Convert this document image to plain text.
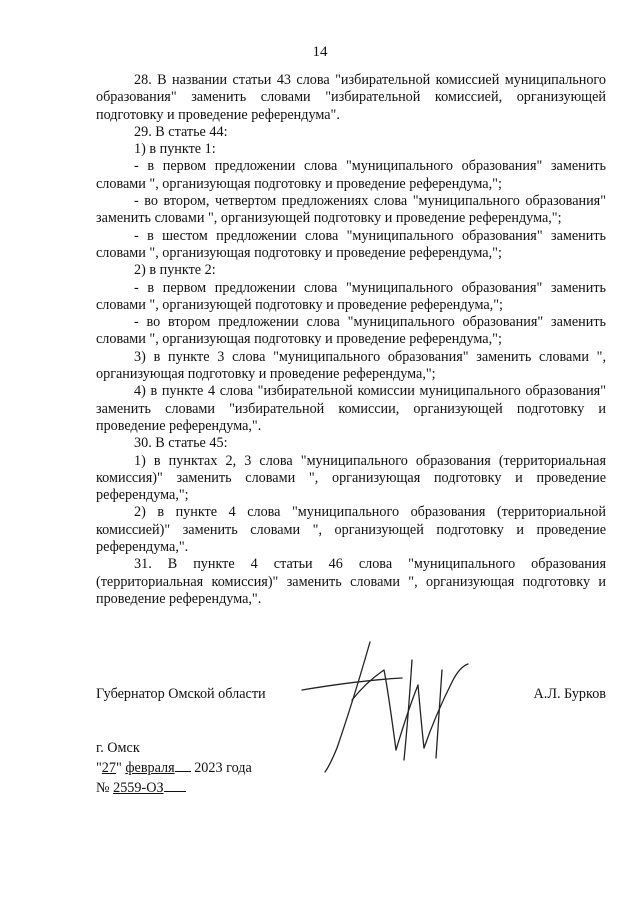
14

28. В названии статьи 43 слова "избирательной комиссией муниципального образования" заменить словами "избирательной комиссией, организующей подготовку и проведение референдума".

29. В статье 44:

1) в пункте 1:

- в первом предложении слова "муниципального образования" заменить словами ", организующая подготовку и проведение референдума,";

- во втором, четвертом предложениях слова "муниципального образования" заменить словами ", организующей подготовку и проведение референдума,";

- в шестом предложении слова "муниципального образования" заменить словами ", организующая подготовку и проведение референдума,";

2) в пункте 2:

- в первом предложении слова "муниципального образования" заменить словами ", организующей подготовку и проведение референдума,";

- во втором предложении слова "муниципального образования" заменить словами ", организующая подготовку и проведение референдума,";

3) в пункте 3 слова "муниципального образования" заменить словами ", организующая подготовку и проведение референдума,";

4) в пункте 4 слова "избирательной комиссии муниципального образования" заменить словами "избирательной комиссии, организующей подготовку и проведение референдума,".

30. В статье 45:

1) в пунктах 2, 3 слова "муниципального образования (территориальная комиссия)" заменить словами ", организующая подготовку и проведение референдума,";

2) в пункте 4 слова "муниципального образования (территориальной комиссией)" заменить словами ", организующей подготовку и проведение референдума,".

31. В пункте 4 статьи 46 слова "муниципального образования (территориальная комиссия)" заменить словами ", организующая подготовку и проведение референдума,".

Губернатор Омской области	А.Л. Бурков
г. Омск
"27" февраля 2023 года
№ 2559-ОЗ
